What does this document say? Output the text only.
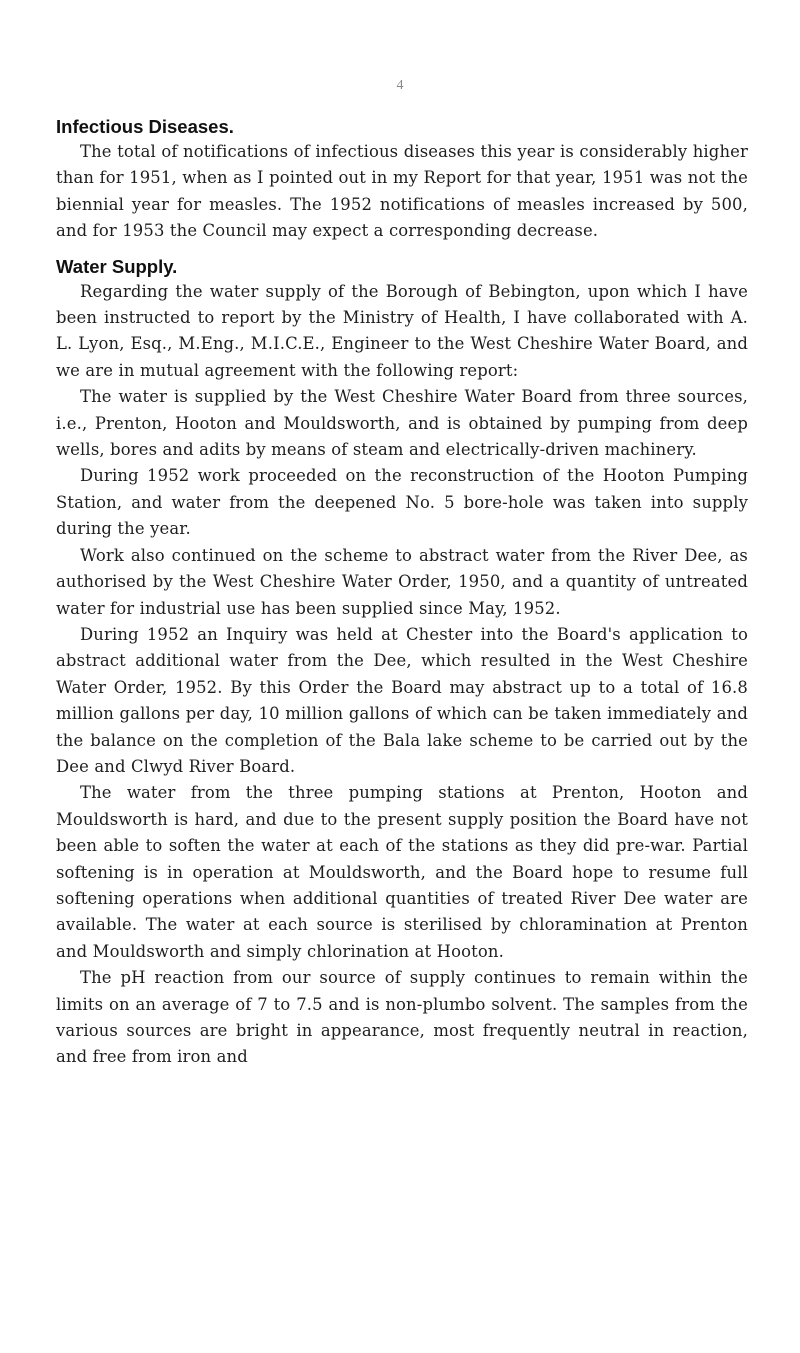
4
Infectious Diseases.

The total of notifications of infectious diseases this year is considerably higher than for 1951, when as I pointed out in my Report for that year, 1951 was not the biennial year for measles. The 1952 notifications of measles increased by 500, and for 1953 the Council may expect a corresponding decrease.

Water Supply.

Regarding the water supply of the Borough of Bebington, upon which I have been instructed to report by the Ministry of Health, I have collaborated with A. L. Lyon, Esq., M.Eng., M.I.C.E., Engineer to the West Cheshire Water Board, and we are in mutual agreement with the following report:

The water is supplied by the West Cheshire Water Board from three sources, i.e., Prenton, Hooton and Mouldsworth, and is obtained by pumping from deep wells, bores and adits by means of steam and electrically-driven machinery.

During 1952 work proceeded on the reconstruction of the Hooton Pumping Station, and water from the deepened No. 5 bore-hole was taken into supply during the year.

Work also continued on the scheme to abstract water from the River Dee, as authorised by the West Cheshire Water Order, 1950, and a quantity of untreated water for industrial use has been supplied since May, 1952.

During 1952 an Inquiry was held at Chester into the Board's application to abstract additional water from the Dee, which resulted in the West Cheshire Water Order, 1952. By this Order the Board may abstract up to a total of 16.8 million gallons per day, 10 million gallons of which can be taken immediately and the balance on the completion of the Bala lake scheme to be carried out by the Dee and Clwyd River Board.

The water from the three pumping stations at Prenton, Hooton and Mouldsworth is hard, and due to the present supply position the Board have not been able to soften the water at each of the stations as they did pre-war. Partial softening is in operation at Mouldsworth, and the Board hope to resume full softening operations when additional quantities of treated River Dee water are available. The water at each source is sterilised by chloramination at Prenton and Mouldsworth and simply chlorination at Hooton.

The pH reaction from our source of supply continues to remain within the limits on an average of 7 to 7.5 and is non-plumbo solvent. The samples from the various sources are bright in appearance, most frequently neutral in reaction, and free from iron and
